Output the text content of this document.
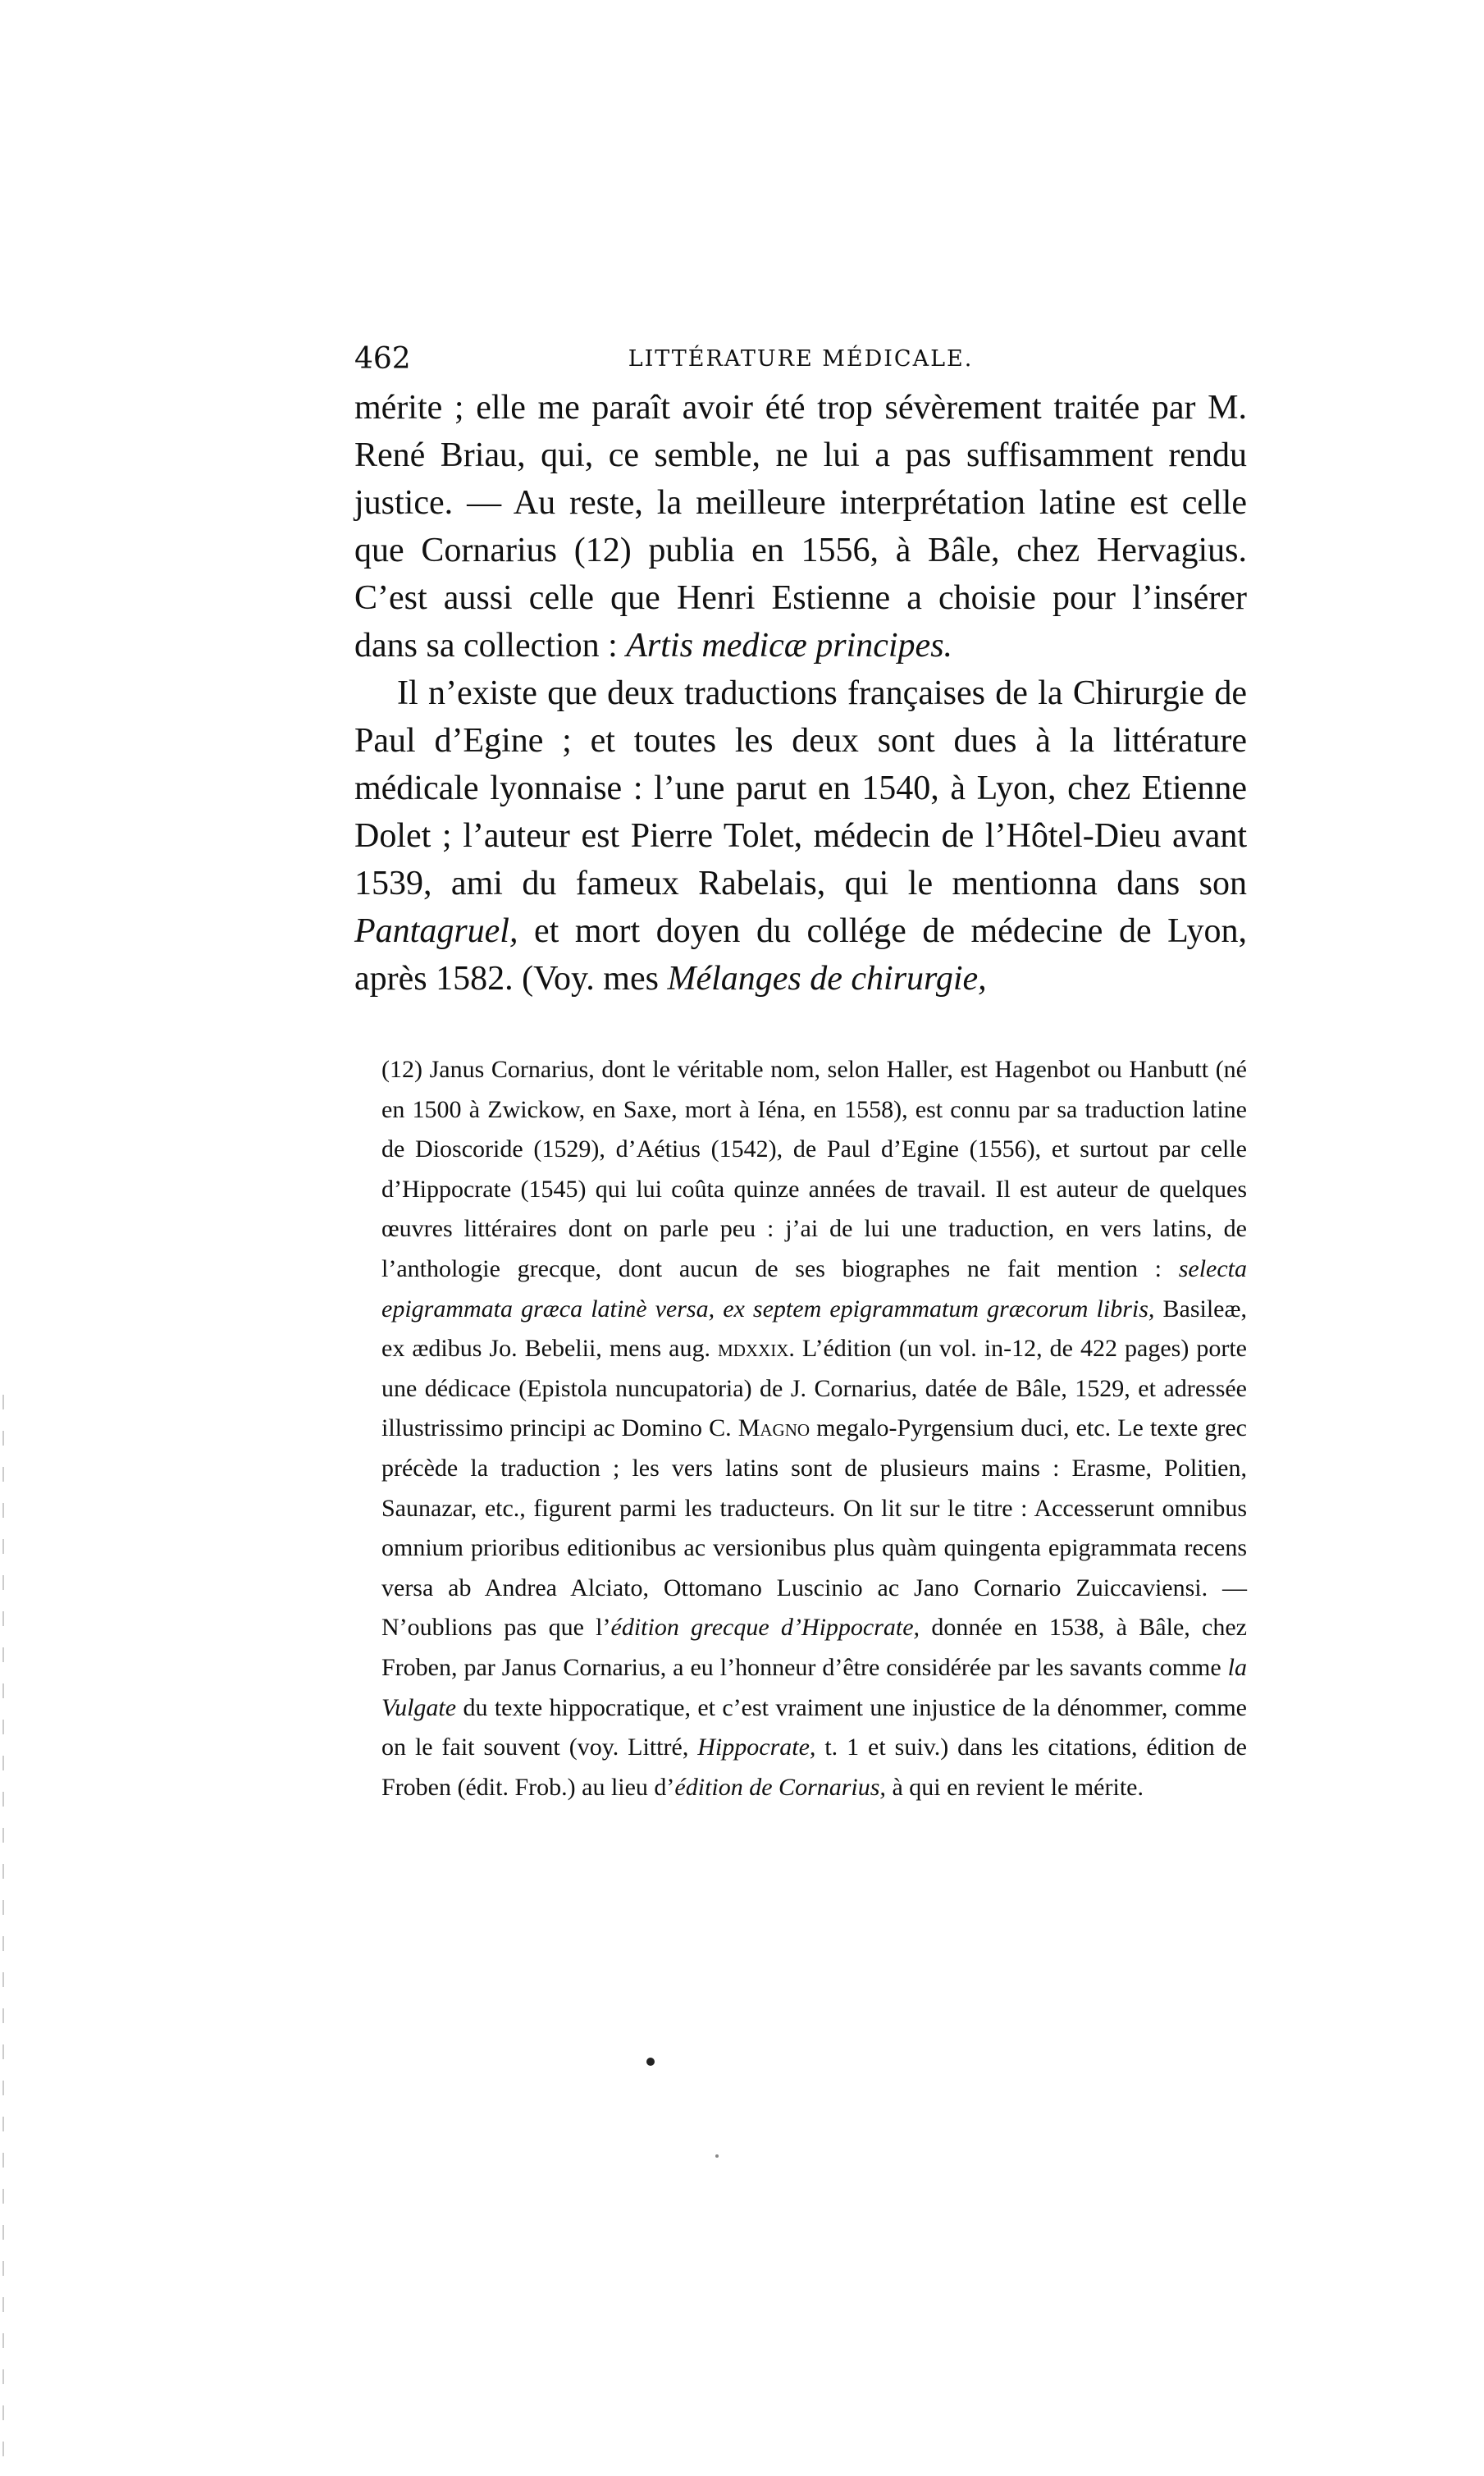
462	LITTÉRATURE MÉDICALE.

mérite ; elle me paraît avoir été trop sévèrement traitée par M. René Briau, qui, ce semble, ne lui a pas suffisamment rendu justice. — Au reste, la meilleure interprétation latine est celle que Cornarius (12) publia en 1556, à Bâle, chez Hervagius. C’est aussi celle que Henri Estienne a choisie pour l’insérer dans sa collection : Artis medicæ principes.

Il n’existe que deux traductions françaises de la Chirurgie de Paul d’Egine ; et toutes les deux sont dues à la littérature médicale lyonnaise : l’une parut en 1540, à Lyon, chez Etienne Dolet ; l’auteur est Pierre Tolet, médecin de l’Hôtel-Dieu avant 1539, ami du fameux Rabelais, qui le mentionna dans son Pantagruel, et mort doyen du collége de médecine de Lyon, après 1582. (Voy. mes Mélanges de chirurgie,

(12) Janus Cornarius, dont le véritable nom, selon Haller, est Hagenbot ou Hanbutt (né en 1500 à Zwickow, en Saxe, mort à Iéna, en 1558), est connu par sa traduction latine de Dioscoride (1529), d’Aétius (1542), de Paul d’Egine (1556), et surtout par celle d’Hippocrate (1545) qui lui coûta quinze années de travail. Il est auteur de quelques œuvres littéraires dont on parle peu : j’ai de lui une traduction, en vers latins, de l’anthologie grecque, dont aucun de ses biographes ne fait mention : selecta epigrammata græca latinè versa, ex septem epigrammatum græcorum libris, Basileæ, ex ædibus Jo. Bebelii, mens aug. mdxxix. L’édition (un vol. in-12, de 422 pages) porte une dédicace (Epistola nuncupatoria) de J. Cornarius, datée de Bâle, 1529, et adressée illustrissimo principi ac Domino C. Magno megalo-Pyrgensium duci, etc. Le texte grec précède la traduction ; les vers latins sont de plusieurs mains : Erasme, Politien, Saunazar, etc., figurent parmi les traducteurs. On lit sur le titre : Accesserunt omnibus omnium prioribus editionibus ac versionibus plus quàm quingenta epigrammata recens versa ab Andrea Alciato, Ottomano Luscinio ac Jano Cornario Zuiccaviensi. — N’oublions pas que l’édition grecque d’Hippocrate, donnée en 1538, à Bâle, chez Froben, par Janus Cornarius, a eu l’honneur d’être considérée par les savants comme la Vulgate du texte hippocratique, et c’est vraiment une injustice de la dénommer, comme on le fait souvent (voy. Littré, Hippocrate, t. 1 et suiv.) dans les citations, édition de Froben (édit. Frob.) au lieu d’édition de Cornarius, à qui en revient le mérite.
